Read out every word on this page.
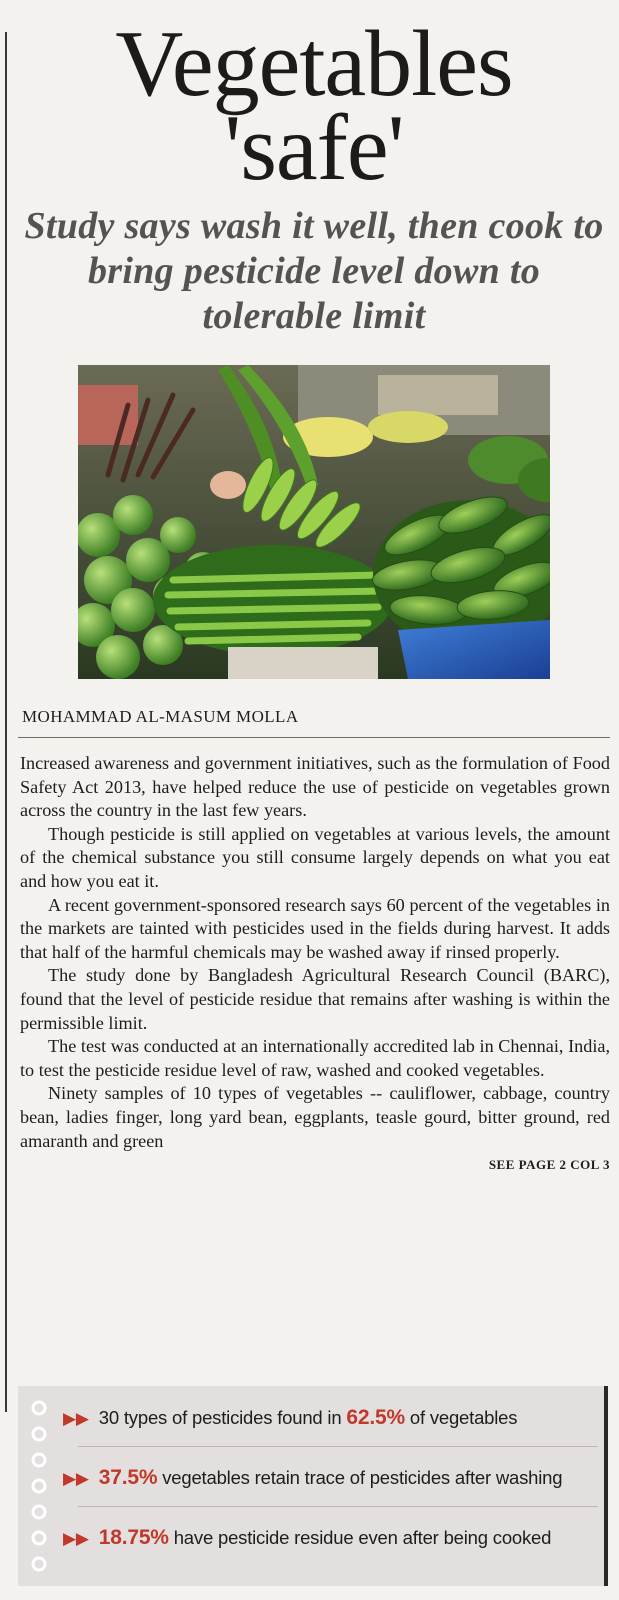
Vegetables
'safe'
Study says wash it well, then cook to bring pesticide level down to tolerable limit
MOHAMMAD AL-MASUM MOLLA

Increased awareness and government initiatives, such as the formulation of Food Safety Act 2013, have helped reduce the use of pesticide on vegetables grown across the country in the last few years.

Though pesticide is still applied on vegetables at various levels, the amount of the chemical substance you still consume largely depends on what you eat and how you eat it.

A recent government-sponsored research says 60 percent of the vegetables in the markets are tainted with pesticides used in the fields during harvest. It adds that half of the harmful chemicals may be washed away if rinsed properly.

The study done by Bangladesh Agricultural Research Council (BARC), found that the level of pesticide residue that remains after washing is within the permissible limit.

The test was conducted at an internationally accredited lab in Chennai, India, to test the pesticide residue level of raw, washed and cooked vegetables.

Ninety samples of 10 types of vegetables -- cauliflower, cabbage, country bean, ladies finger, long yard bean, eggplants, teasle gourd, bitter ground, red amaranth and green

SEE PAGE 2 COL 3
▶▶ 30 types of pesticides found in 62.5% of vegetables
▶▶ 37.5% vegetables retain trace of pesticides after washing
▶▶ 18.75% have pesticide residue even after being cooked
